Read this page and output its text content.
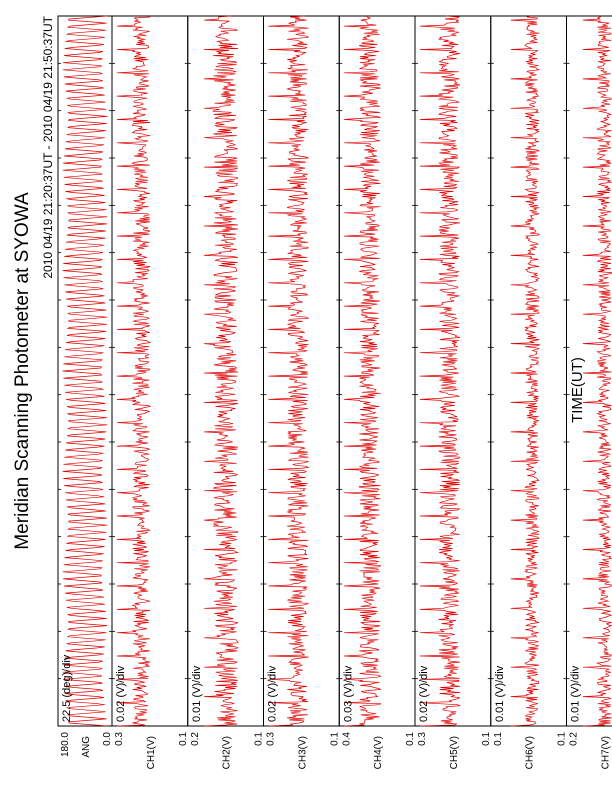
Meridian Scanning Photometer at SYOWA
2010 04/19 21:20:37UT - 2010 04/19 21:50:37UT
TIME(UT)
22.5 (deg)/div
ANG
180.0	0.0
0.02 (V)/div
CH1(V)
0.3	0.1
0.01 (V)/div
CH2(V)
0.2	0.1
0.02 (V)/div
CH3(V)
0.3	0.1
0.03 (V)/div
CH4(V)
0.4	0.1
0.02 (V)/div
CH5(V)
0.3	0.1
0.01 (V)/div
CH6(V)
0.1	0.1
0.01 (V)/div
CH7(V)
0.2
